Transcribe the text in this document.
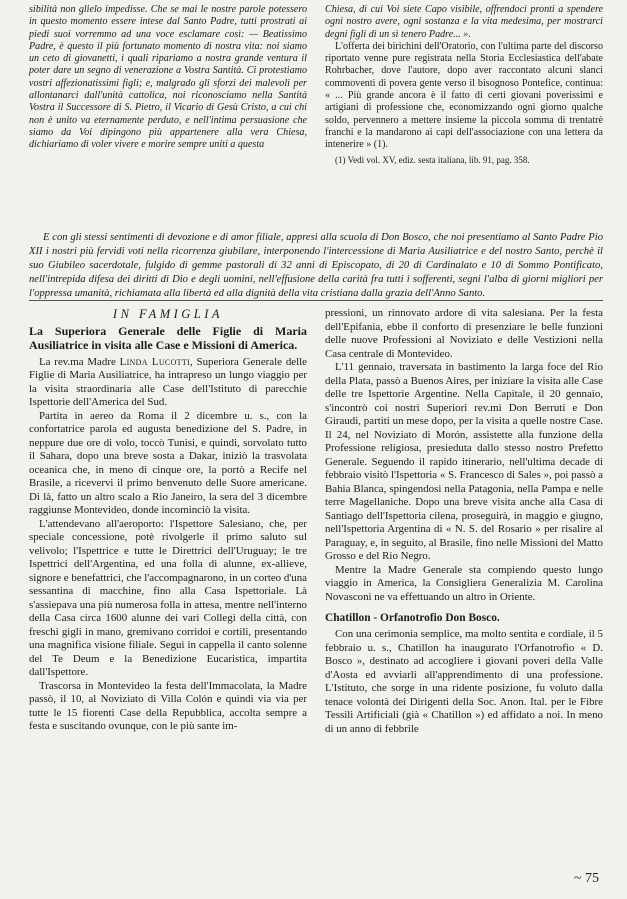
sibilità non glielo impedisse. Che se mai le nostre parole potessero in questo momento essere intese dal Santo Padre, tutti prostrati ai piedi suoi vorremmo ad una voce esclamare così: — Beatissimo Padre, è questo il più fortunato momento di nostra vita: noi siamo un ceto di giovanetti, i quali ripariamo a nostra grande ventura il poter dare un segno di venerazione a Vostra Santità. Ci protestiamo vostri affezionatissimi figli; e, malgrado gli sforzi dei malevoli per allontanarci dall'unità cattolica, noi riconosciamo nella Santità Vostra il Successore di S. Pietro, il Vicario di Gesù Cristo, a cui chi non è unito va eternamente perduto, e nell'intima persuasione che siamo da Voi dipingono più appartenere alla vera Chiesa, dichiariamo di voler vivere e morire sempre uniti a questa

Chiesa, di cui Voi siete Capo visibile, offrendoci pronti a spendere ogni nostro avere, ogni sostanza e la vita medesima, per mostrarci degni figli di un sì tenero Padre... ».

L'offerta dei birichini dell'Oratorio, con l'ultima parte del discorso riportato venne pure registrata nella Storia Ecclesiastica dell'abate Rohrbacher, dove l'autore, dopo aver raccontato alcuni slanci commoventi di povera gente verso il bisognoso Pontefice, continua: « ... Più grande ancora è il fatto di certi giovani poverissimi e artigiani di professione che, economizzando ogni giorno qualche soldo, pervennero a mettere insieme la piccola somma di trentatrè franchi e la mandarono ai capi dell'associazione con una lettera da intenerire » (1).

(1) Vedi vol. XV, ediz. sesta italiana, lib. 91, pag. 358.

E con gli stessi sentimenti di devozione e di amor filiale, appresi alla scuola di Don Bosco, che noi presentiamo al Santo Padre Pio XII i nostri più fervidi voti nella ricorrenza giubilare, interponendo l'intercessione di Maria Ausiliatrice e del nostro Santo, perchè il suo Giubileo sacerdotale, fulgido di gemme pastorali di 32 anni di Episcopato, di 20 di Cardinalato e 10 di Sommo Pontificato, nell'intrepida difesa dei diritti di Dio e degli uomini, nell'effusione della carità fra tutti i sofferenti, segni l'alba di giorni migliori per l'oppressa umanità, richiamata alla libertà ed alla dignità della vita cristiana dalla grazia dell'Anno Santo.

IN FAMIGLIA

La Superiora Generale delle Figlie di Maria Ausiliatrice in visita alle Case e Missioni di America.

La rev.ma Madre Linda Lucotti, Superiora Generale delle Figlie di Maria Ausiliatrice, ha intrapreso un lungo viaggio per la visita straordinaria alle Case dell'Istituto di parecchie Ispettorie dell'America del Sud.

Partita in aereo da Roma il 2 dicembre u. s., con la confortatrice parola ed augusta benedizione del S. Padre, in neppure due ore di volo, toccò Tunisi, e quindi, sorvolato tutto il Sahara, dopo una breve sosta a Dakar, iniziò la trasvolata oceanica che, in meno di cinque ore, la portò a Recife nel Brasile, a ricevervi il primo benvenuto delle Suore americane. Di là, fatto un altro scalo a Rio Janeiro, la sera del 3 dicembre raggiunse Montevideo, donde incominciò la visita.

L'attendevano all'aeroporto: l'Ispettore Salesiano, che, per speciale concessione, potè rivolgerle il primo saluto sul velivolo; l'Ispettrice e tutte le Direttrici dell'Uruguay; le tre Ispettrici dell'Argentina, ed una folla di alunne, ex-allieve, signore e benefattrici, che l'accompagnarono, in un corteo d'una sessantina di macchine, fino alla Casa Ispettoriale. Là s'assiepava una più numerosa folla in attesa, mentre nell'interno della Casa circa 1600 alunne dei vari Collegi della città, con freschi gigli in mano, gremivano corridoi e cortili, presentando una magnifica visione filiale. Seguì in cappella il canto solenne del Te Deum e la Benedizione Eucaristica, impartita dall'Ispettore.

Trascorsa in Montevideo la festa dell'Immacolata, la Madre passò, il 10, al Noviziato di Villa Colón e quindi via via per tutte le 15 fiorenti Case della Repubblica, accolta sempre a festa e suscitando ovunque, con le più sante im-

pressioni, un rinnovato ardore di vita salesiana. Per la festa dell'Epifania, ebbe il conforto di presenziare le belle funzioni delle nuove Professioni al Noviziato e delle Vestizioni nella Casa centrale di Montevideo.

L'11 gennaio, traversata in bastimento la larga foce del Rio della Plata, passò a Buenos Aires, per iniziare la visita alle Case delle tre Ispettorie Argentine. Nella Capitale, il 20 gennaio, s'incontrò coi nostri Superiori rev.mi Don Berruti e Don Giraudi, partiti un mese dopo, per la visita a quelle nostre Case. Il 24, nel Noviziato di Morón, assistette alla funzione della Professione religiosa, presieduta dallo stesso nostro Prefetto Generale. Seguendo il rapido itinerario, nell'ultima decade di febbraio visitò l'Ispettoria « S. Francesco di Sales », poi passò a Bahia Blanca, spingendosi nella Patagonia, nella Pampa e nelle terre Magellaniche. Dopo una breve visita anche alla Casa di Santiago dell'Ispettoria cilena, proseguirà, in maggio e giugno, nell'Ispettoria Argentina di « N. S. del Rosario » per risalire al Paraguay, e, in seguito, al Brasile, fino nelle Missioni del Matto Grosso e del Rio Negro.

Mentre la Madre Generale sta compiendo questo lungo viaggio in America, la Consigliera Generalizia M. Carolina Novasconi ne va effettuando un altro in Oriente.

Chatillon - Orfanotrofio Don Bosco.

Con una cerimonia semplice, ma molto sentita e cordiale, il 5 febbraio u. s., Chatillon ha inaugurato l'Orfanotrofio « D. Bosco », destinato ad accogliere i giovani poveri della Valle d'Aosta ed avviarli all'apprendimento di una professione. L'Istituto, che sorge in una ridente posizione, fu voluto dalla tenace volontà dei Dirigenti della Soc. Anon. Ital. per le Fibre Tessili Artificiali (già « Chatillon ») ed affidato a noi. In meno di un anno di febbrile

~ 75
